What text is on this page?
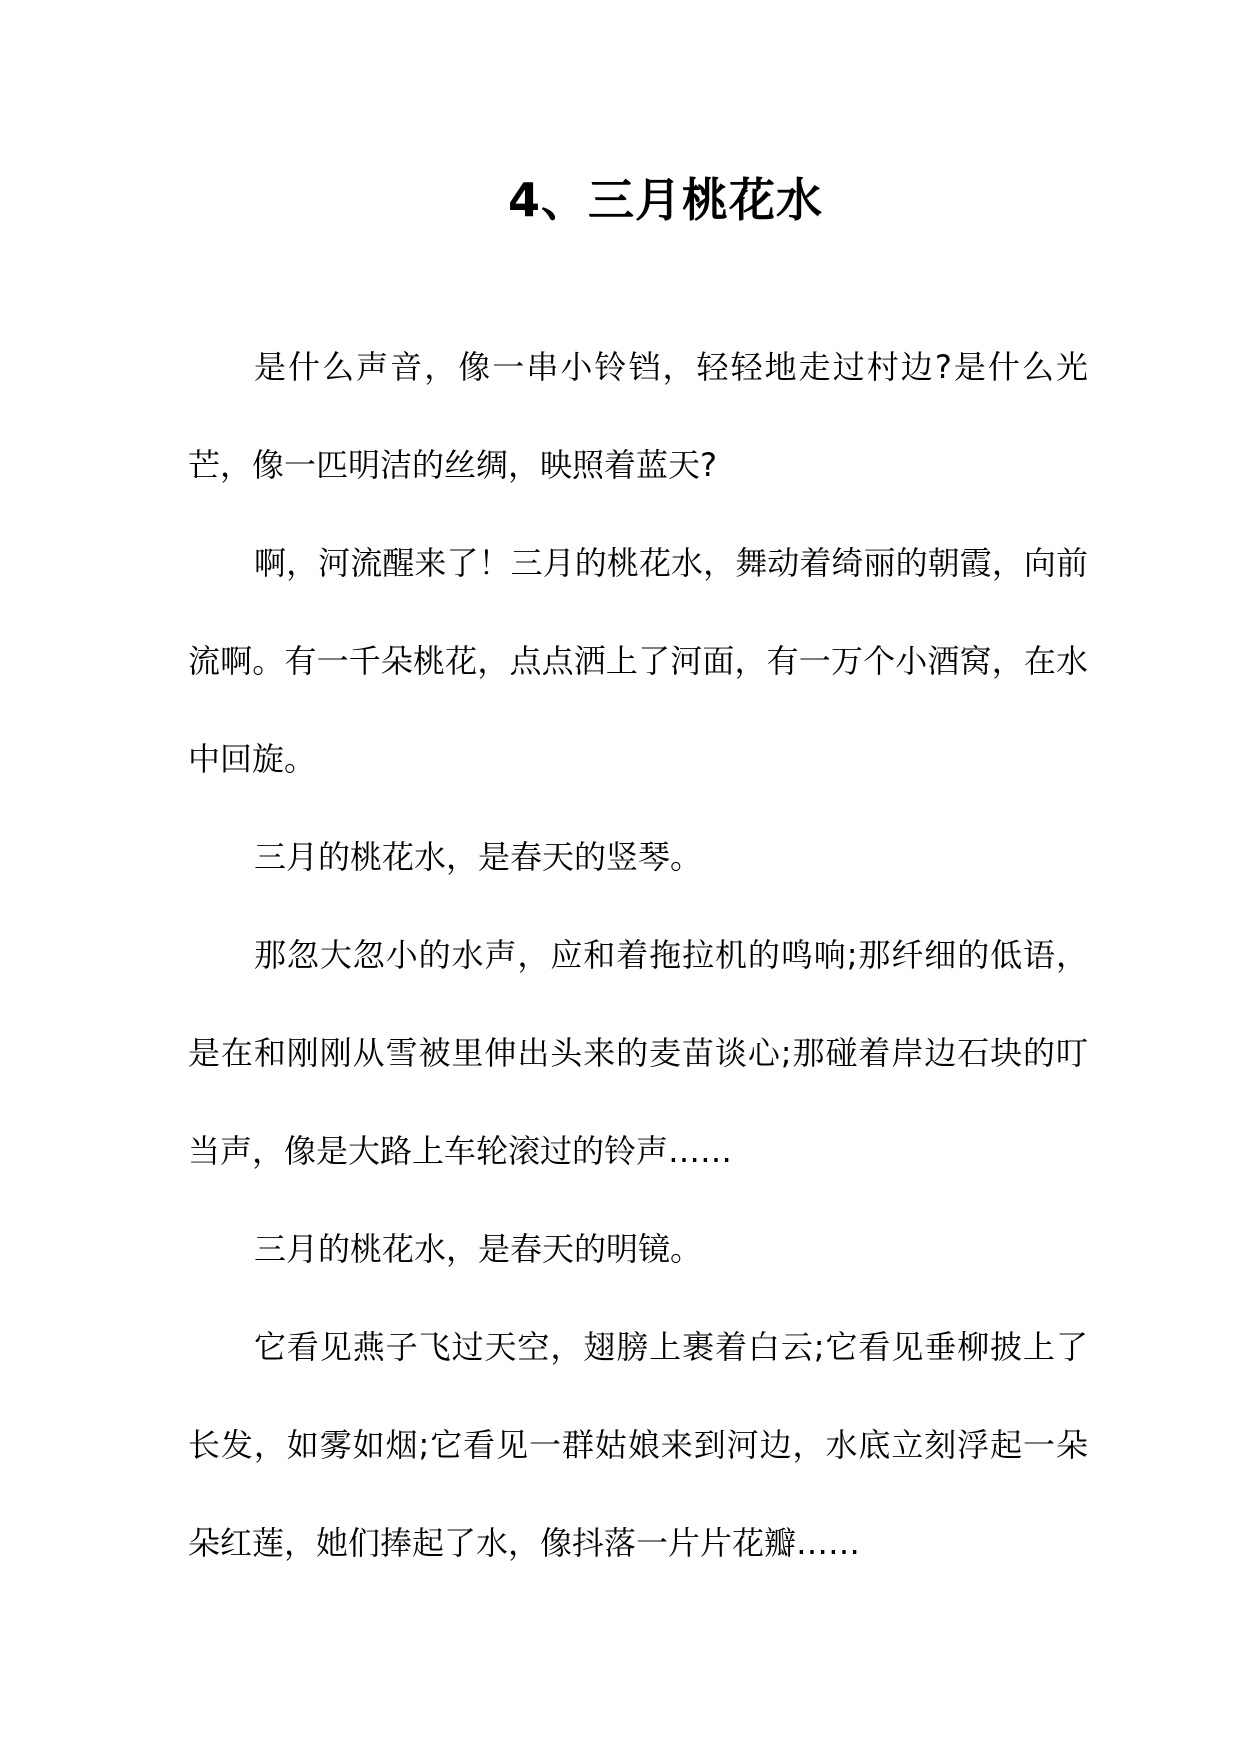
4、三月桃花水

是什么声音，像一串小铃铛，轻轻地走过村边?是什么光芒，像一匹明洁的丝绸，映照着蓝天?

啊，河流醒来了！三月的桃花水，舞动着绮丽的朝霞，向前流啊。有一千朵桃花，点点洒上了河面，有一万个小酒窝，在水中回旋。

三月的桃花水，是春天的竖琴。

那忽大忽小的水声，应和着拖拉机的鸣响;那纤细的低语，是在和刚刚从雪被里伸出头来的麦苗谈心;那碰着岸边石块的叮当声，像是大路上车轮滚过的铃声……

三月的桃花水，是春天的明镜。

它看见燕子飞过天空，翅膀上裹着白云;它看见垂柳披上了长发，如雾如烟;它看见一群姑娘来到河边，水底立刻浮起一朵朵红莲，她们捧起了水，像抖落一片片花瓣……
